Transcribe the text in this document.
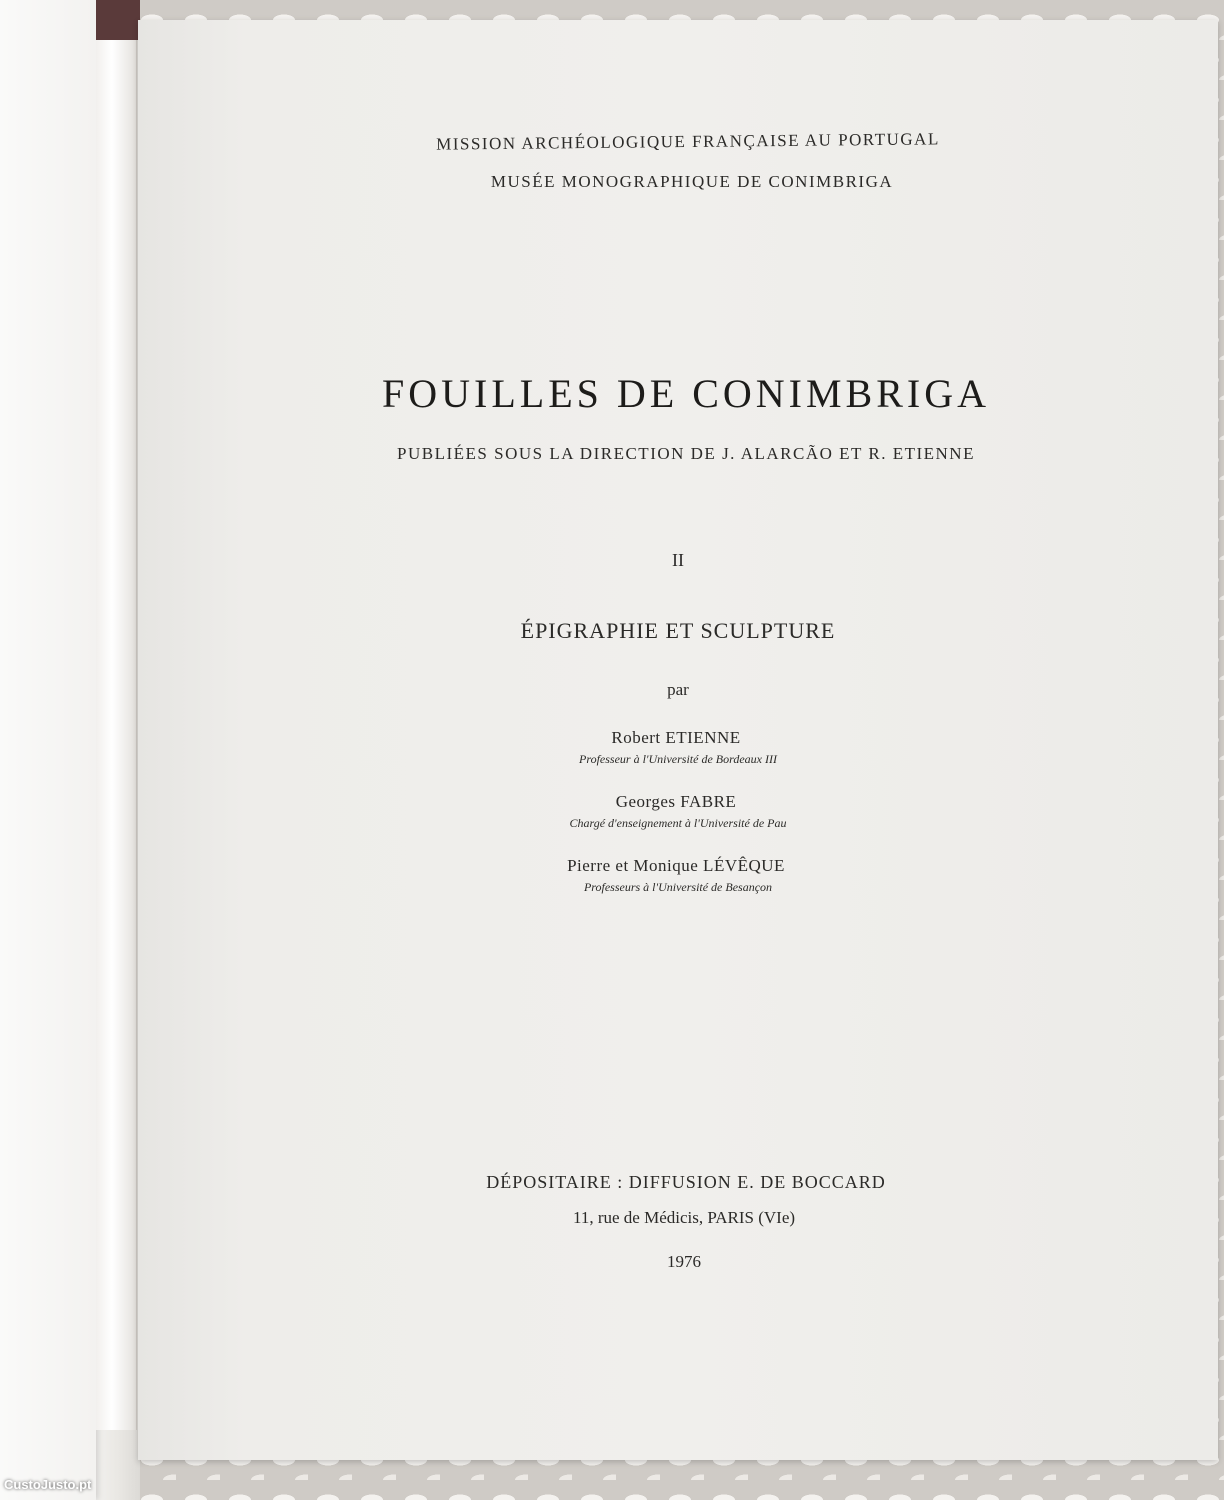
MISSION ARCHÉOLOGIQUE FRANÇAISE AU PORTUGAL
MUSÉE MONOGRAPHIQUE DE CONIMBRIGA
FOUILLES DE CONIMBRIGA
PUBLIÉES SOUS LA DIRECTION DE J. ALARCÃO ET R. ETIENNE
II
ÉPIGRAPHIE ET SCULPTURE
par
Robert ETIENNE
Professeur à l'Université de Bordeaux III
Georges FABRE
Chargé d'enseignement à l'Université de Pau
Pierre et Monique LÉVÊQUE
Professeurs à l'Université de Besançon
DÉPOSITAIRE : DIFFUSION E. DE BOCCARD
11, rue de Médicis, PARIS (VIe)
1976
CustoJusto.pt
